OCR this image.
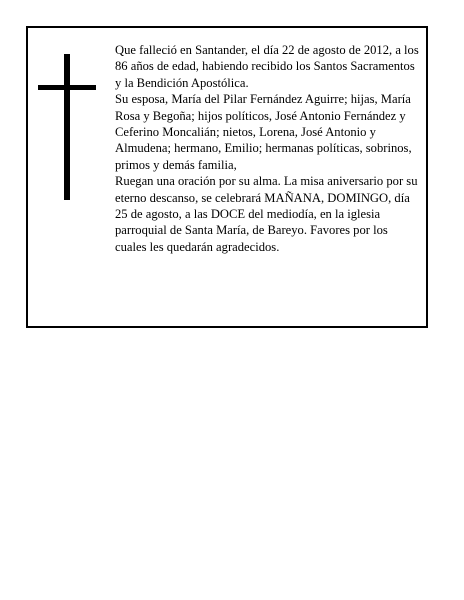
Que falleció en Santander, el día 22 de agosto de 2012, a los 86 años de edad, habiendo recibido los Santos Sacramentos y la Bendición Apostólica.

Su esposa, María del Pilar Fernández Aguirre; hijas, María Rosa y Begoña; hijos políticos, José Antonio Fernández y Ceferino Moncalián; nietos, Lorena, José Antonio y Almudena; hermano, Emilio; hermanas políticas, sobrinos, primos y demás familia,

Ruegan una oración por su alma. La misa aniversario por su eterno descanso, se celebrará MAÑANA, DOMINGO, día 25 de agosto, a las DOCE del mediodía, en la iglesia parroquial de Santa María, de Bareyo. Favores por los cuales les quedarán agradecidos.
